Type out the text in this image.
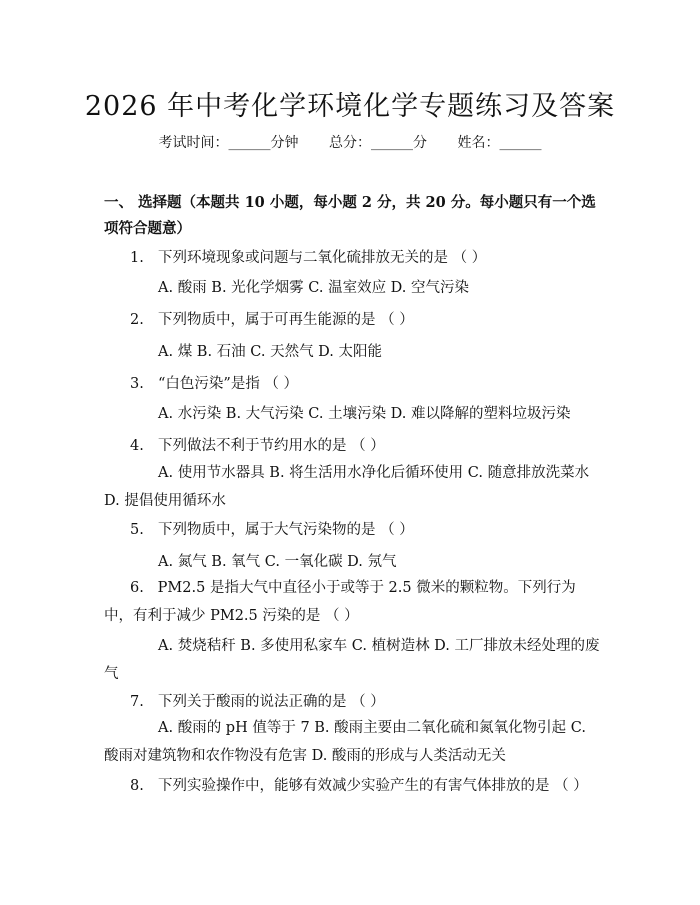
2026 年中考化学环境化学专题练习及答案
考试时间：______分钟 总分：______分 姓名：______
一、 选择题（本题共 10 小题，每小题 2 分，共 20 分。每小题只有一个选项符合题意）
1. 下列环境现象或问题与二氧化硫排放无关的是 （ ）
A. 酸雨 B. 光化学烟雾 C. 温室效应 D. 空气污染
2. 下列物质中，属于可再生能源的是 （ ）
A. 煤 B. 石油 C. 天然气 D. 太阳能
3. “白色污染”是指 （ ）
A. 水污染 B. 大气污染 C. 土壤污染 D. 难以降解的塑料垃圾污染
4. 下列做法不利于节约用水的是 （ ）
A. 使用节水器具 B. 将生活用水净化后循环使用 C. 随意排放洗菜水 D. 提倡使用循环水
5. 下列物质中，属于大气污染物的是 （ ）
A. 氮气 B. 氧气 C. 一氧化碳 D. 氖气
6. PM2.5 是指大气中直径小于或等于 2.5 微米的颗粒物。下列行为中，有利于减少 PM2.5 污染的是 （ ）
A. 焚烧秸秆 B. 多使用私家车 C. 植树造林 D. 工厂排放未经处理的废气
7. 下列关于酸雨的说法正确的是 （ ）
A. 酸雨的 pH 值等于 7 B. 酸雨主要由二氧化硫和氮氧化物引起 C. 酸雨对建筑物和农作物没有危害 D. 酸雨的形成与人类活动无关
8. 下列实验操作中，能够有效减少实验产生的有害气体排放的是 （ ）
